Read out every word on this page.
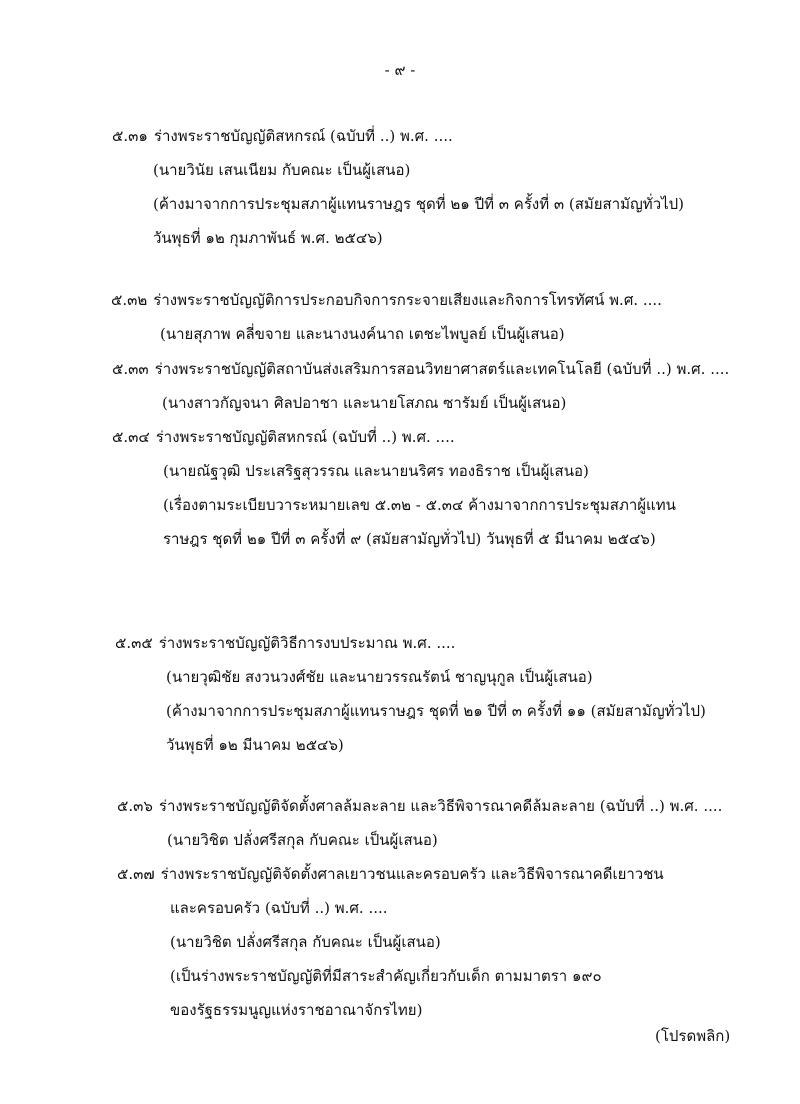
- ๙ -
๕.๓๑ ร่างพระราชบัญญัติสหกรณ์ (ฉบับที่ ..) พ.ศ. ....
(นายวินัย เสนเนียม กับคณะ เป็นผู้เสนอ)
(ค้างมาจากการประชุมสภาผู้แทนราษฎร ชุดที่ ๒๑ ปีที่ ๓ ครั้งที่ ๓ (สมัยสามัญทั่วไป)
วันพุธที่ ๑๒ กุมภาพันธ์ พ.ศ. ๒๕๔๖)
๕.๓๒ ร่างพระราชบัญญัติการประกอบกิจการกระจายเสียงและกิจการโทรทัศน์ พ.ศ. ....
(นายสุภาพ คลี่ขจาย และนางนงค์นาถ เตชะไพบูลย์ เป็นผู้เสนอ)
๕.๓๓ ร่างพระราชบัญญัติสถาบันส่งเสริมการสอนวิทยาศาสตร์และเทคโนโลยี (ฉบับที่ ..) พ.ศ. ....
(นางสาวกัญจนา ศิลปอาชา และนายโสภณ ซารัมย์ เป็นผู้เสนอ)
๕.๓๔ ร่างพระราชบัญญัติสหกรณ์ (ฉบับที่ ..) พ.ศ. ....
(นายณัฐวุฒิ ประเสริฐสุวรรณ และนายนริศร ทองธิราช เป็นผู้เสนอ)
(เรื่องตามระเบียบวาระหมายเลข ๕.๓๒ - ๕.๓๔ ค้างมาจากการประชุมสภาผู้แทน
ราษฎร ชุดที่ ๒๑ ปีที่ ๓ ครั้งที่ ๙ (สมัยสามัญทั่วไป) วันพุธที่ ๕ มีนาคม ๒๕๔๖)
๕.๓๕ ร่างพระราชบัญญัติวิธีการงบประมาณ พ.ศ. ....
(นายวุฒิชัย สงวนวงศ์ชัย และนายวรรณรัตน์ ชาญนุกูล เป็นผู้เสนอ)
(ค้างมาจากการประชุมสภาผู้แทนราษฎร ชุดที่ ๒๑ ปีที่ ๓ ครั้งที่ ๑๑ (สมัยสามัญทั่วไป)
วันพุธที่ ๑๒ มีนาคม ๒๕๔๖)
๕.๓๖ ร่างพระราชบัญญัติจัดตั้งศาลล้มละลาย และวิธีพิจารณาคดีล้มละลาย (ฉบับที่ ..) พ.ศ. ....
(นายวิชิต ปลั่งศรีสกุล กับคณะ เป็นผู้เสนอ)
๕.๓๗ ร่างพระราชบัญญัติจัดตั้งศาลเยาวชนและครอบครัว และวิธีพิจารณาคดีเยาวชน
และครอบครัว (ฉบับที่ ..) พ.ศ. ....
(นายวิชิต ปลั่งศรีสกุล กับคณะ เป็นผู้เสนอ)
(เป็นร่างพระราชบัญญัติที่มีสาระสำคัญเกี่ยวกับเด็ก ตามมาตรา ๑๙๐
ของรัฐธรรมนูญแห่งราชอาณาจักรไทย)
(โปรดพลิก)
